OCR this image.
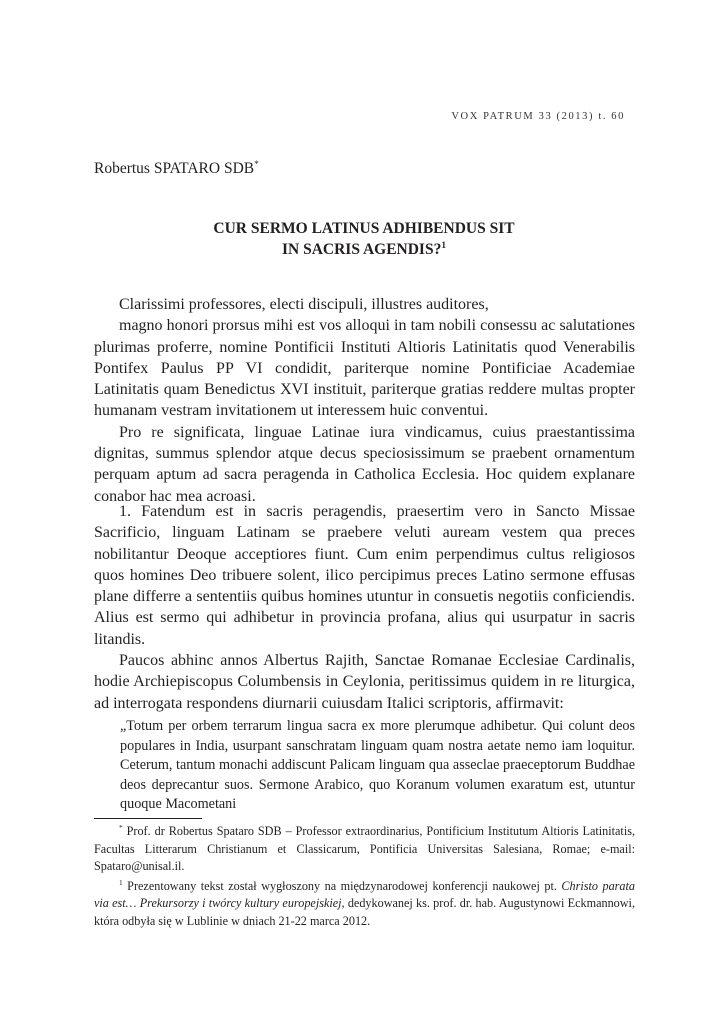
VOX PATRUM 33 (2013) t. 60
Robertus SPATARO SDB*
CUR SERMO LATINUS ADHIBENDUS SIT
IN SACRIS AGENDIS?$^1$

Clarissimi professores, electi discipuli, illustres auditores,

magno honori prorsus mihi est vos alloqui in tam nobili consessu ac salutationes plurimas proferre, nomine Pontificii Instituti Altioris Latinitatis quod Venerabilis Pontifex Paulus PP VI condidit, pariterque nomine Pontificiae Academiae Latinitatis quam Benedictus XVI instituit, pariterque gratias reddere multas propter humanam vestram invitationem ut interessem huic conventui.

Pro re significata, linguae Latinae iura vindicamus, cuius praestantissima dignitas, summus splendor atque decus speciosissimum se praebent ornamentum perquam aptum ad sacra peragenda in Catholica Ecclesia. Hoc quidem explanare conabor hac mea acroasi.

1. Fatendum est in sacris peragendis, praesertim vero in Sancto Missae Sacrificio, linguam Latinam se praebere veluti auream vestem qua preces nobilitantur Deoque acceptiores fiunt. Cum enim perpendimus cultus religiosos quos homines Deo tribuere solent, ilico percipimus preces Latino sermone effusas plane differre a sententiis quibus homines utuntur in consuetis negotiis conficiendis. Alius est sermo qui adhibetur in provincia profana, alius qui usurpatur in sacris litandis.

Paucos abhinc annos Albertus Rajith, Sanctae Romanae Ecclesiae Cardinalis, hodie Archiepiscopus Columbensis in Ceylonia, peritissimus quidem in re liturgica, ad interrogata respondens diurnarii cuiusdam Italici scriptoris, affirmavit:

„Totum per orbem terrarum lingua sacra ex more plerumque adhibetur. Qui colunt deos populares in India, usurpant sanschratam linguam quam nostra aetate nemo iam loquitur. Ceterum, tantum monachi addiscunt Palicam linguam qua asseclae praeceptorum Buddhae deos deprecantur suos. Sermone Arabico, quo Koranum volumen exaratum est, utuntur quoque Macometani

* Prof. dr Robertus Spataro SDB – Professor extraordinarius, Pontificium Institutum Altioris Latinitatis, Facultas Litterarum Christianum et Classicarum, Pontificia Universitas Salesiana, Romae; e-mail: Spataro@unisal.il.

$^1$ Prezentowany tekst został wygłoszony na międzynarodowej konferencji naukowej pt. Christo parata via est… Prekursorzy i twórcy kultury europejskiej, dedykowanej ks. prof. dr. hab. Augustynowi Eckmannowi, która odbyła się w Lublinie w dniach 21-22 marca 2012.
